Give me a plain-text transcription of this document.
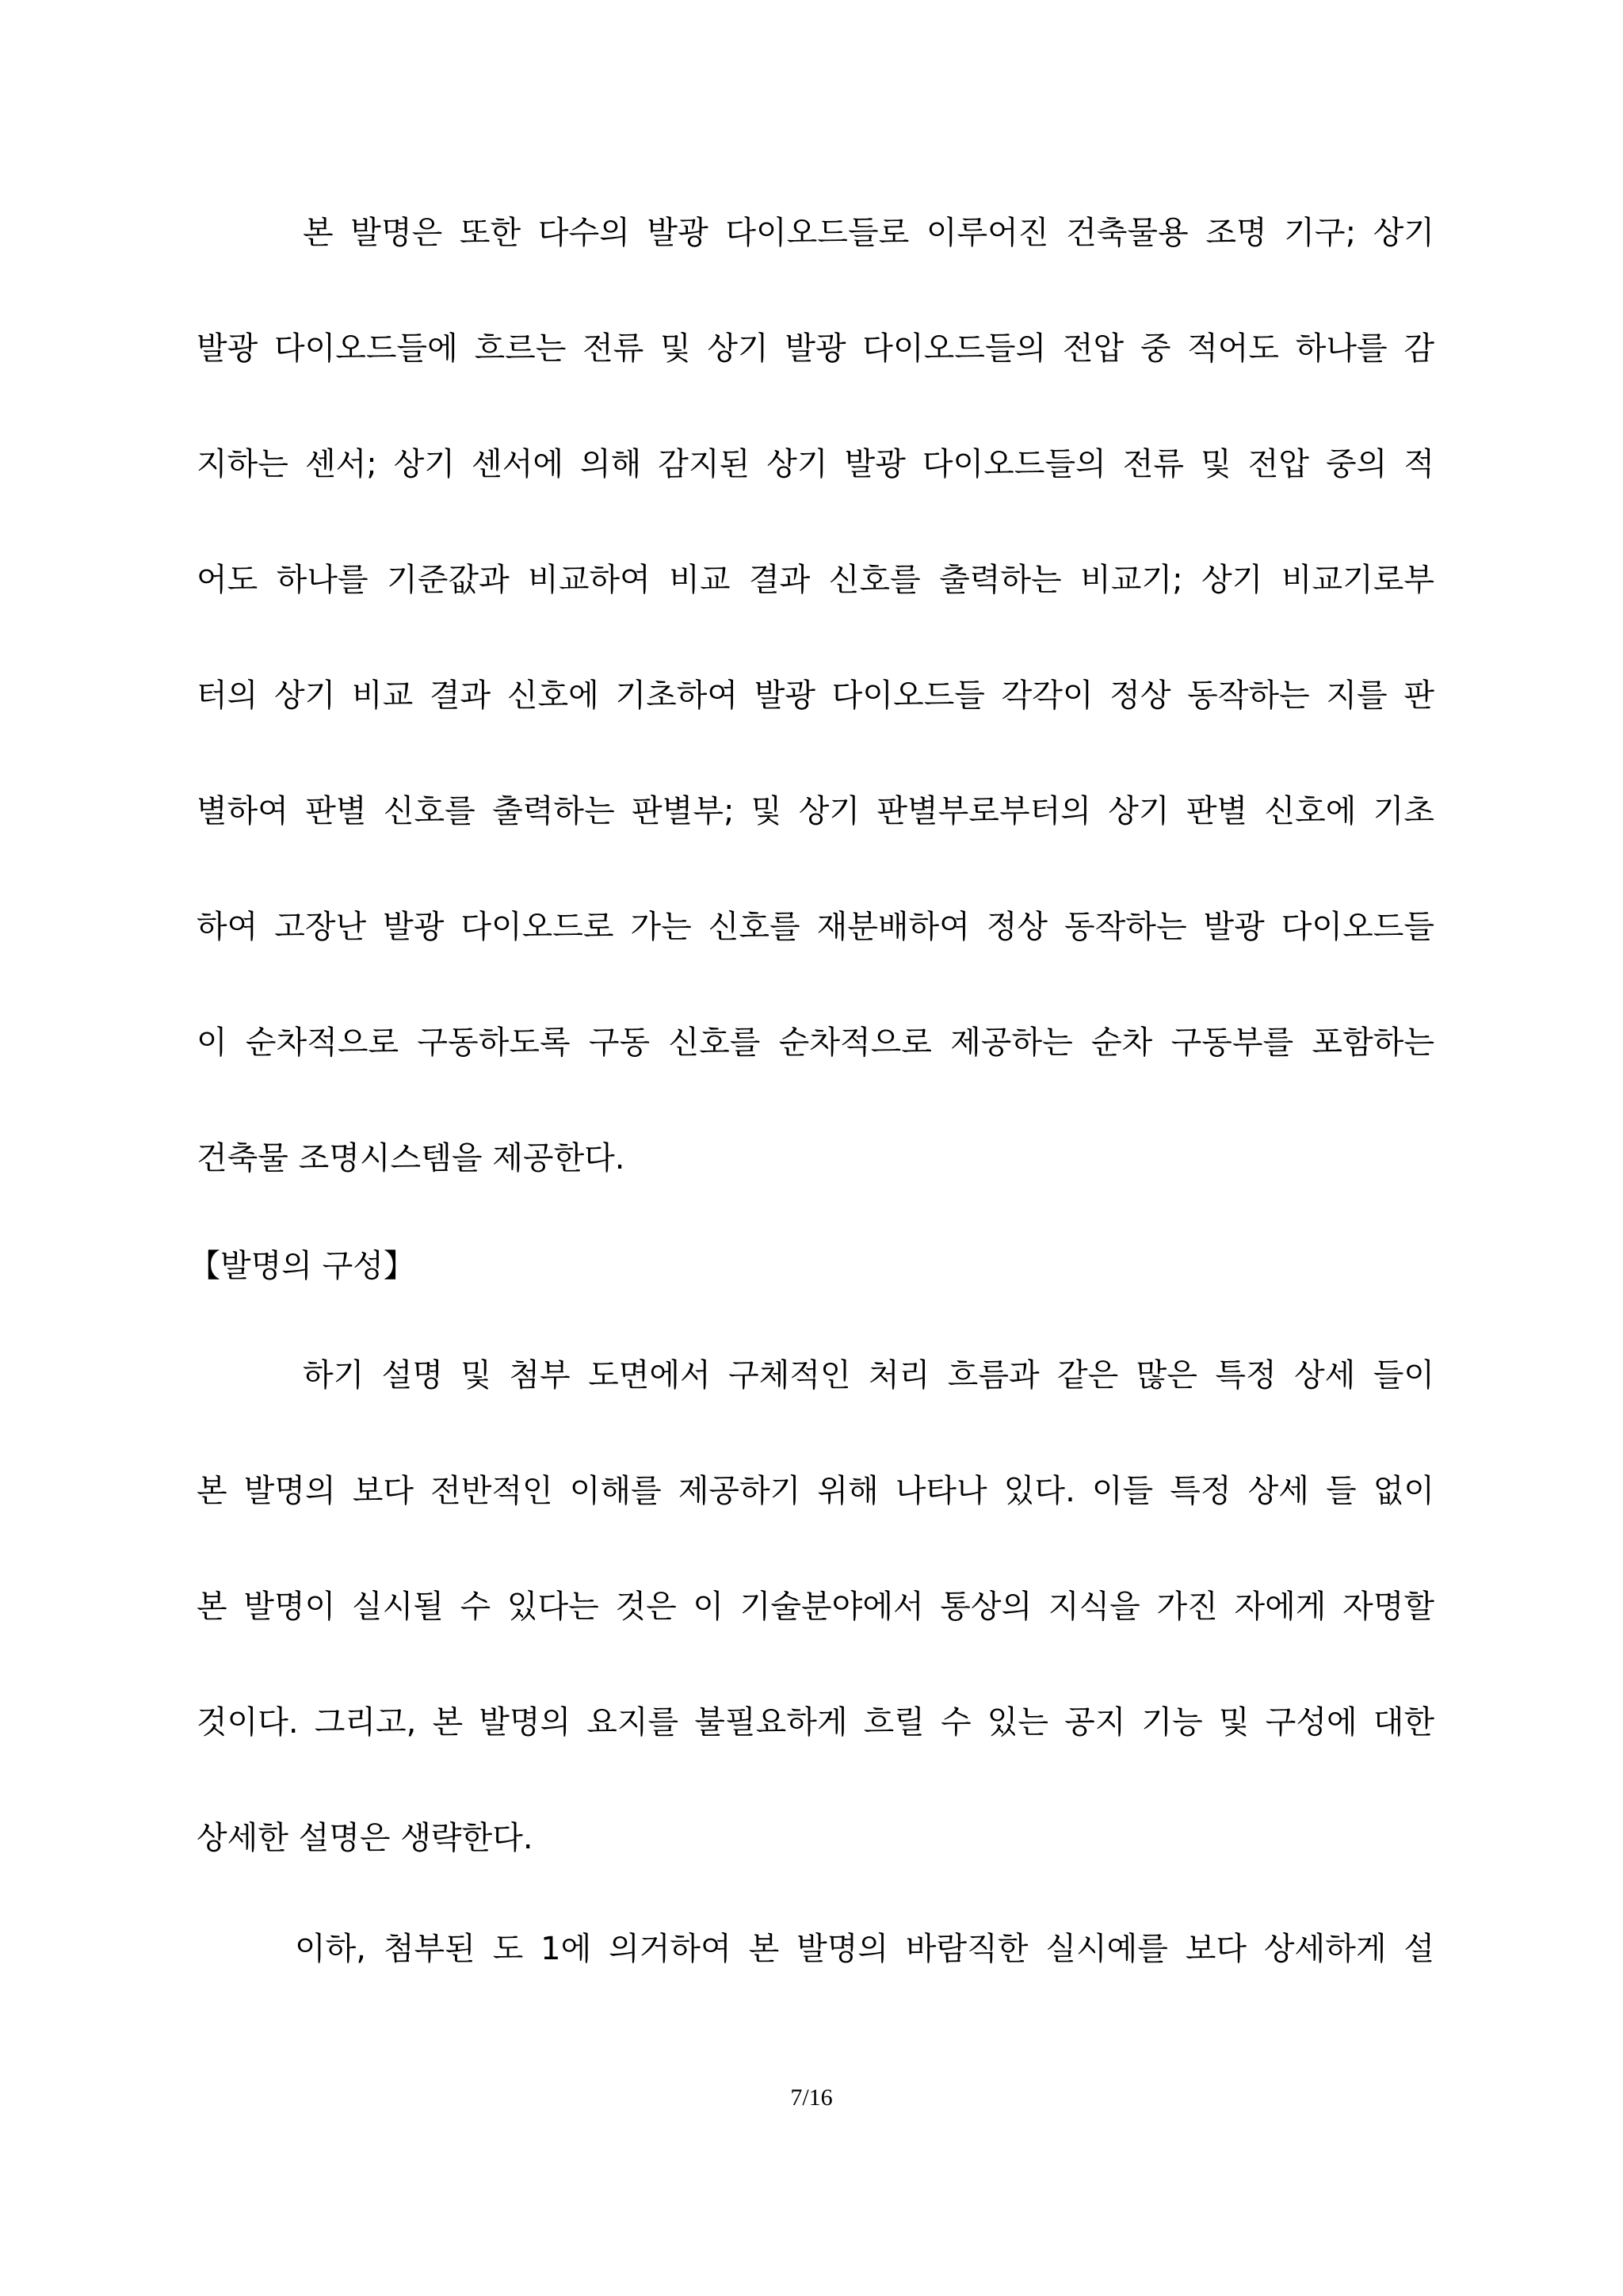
본 발명은 또한 다수의 발광 다이오드들로 이루어진 건축물용 조명 기구; 상기
발광 다이오드들에 흐르는 전류 및 상기 발광 다이오드들의 전압 중 적어도 하나를 감
지하는 센서; 상기 센서에 의해 감지된 상기 발광 다이오드들의 전류 및 전압 중의 적
어도 하나를 기준값과 비교하여 비교 결과 신호를 출력하는 비교기; 상기 비교기로부
터의 상기 비교 결과 신호에 기초하여 발광 다이오드들 각각이 정상 동작하는 지를 판
별하여 판별 신호를 출력하는 판별부; 및 상기 판별부로부터의 상기 판별 신호에 기초
하여 고장난 발광 다이오드로 가는 신호를 재분배하여 정상 동작하는 발광 다이오드들
이 순차적으로 구동하도록 구동 신호를 순차적으로 제공하는 순차 구동부를 포함하는
건축물 조명시스템을 제공한다.
【발명의 구성】
하기 설명 및 첨부 도면에서 구체적인 처리 흐름과 같은 많은 특정 상세 들이
본 발명의 보다 전반적인 이해를 제공하기 위해 나타나 있다. 이들 특정 상세 들 없이
본 발명이 실시될 수 있다는 것은 이 기술분야에서 통상의 지식을 가진 자에게 자명할
것이다. 그리고, 본 발명의 요지를 불필요하게 흐릴 수 있는 공지 기능 및 구성에 대한
상세한 설명은 생략한다.
이하, 첨부된 도 1에 의거하여 본 발명의 바람직한 실시예를 보다 상세하게 설
7/16
